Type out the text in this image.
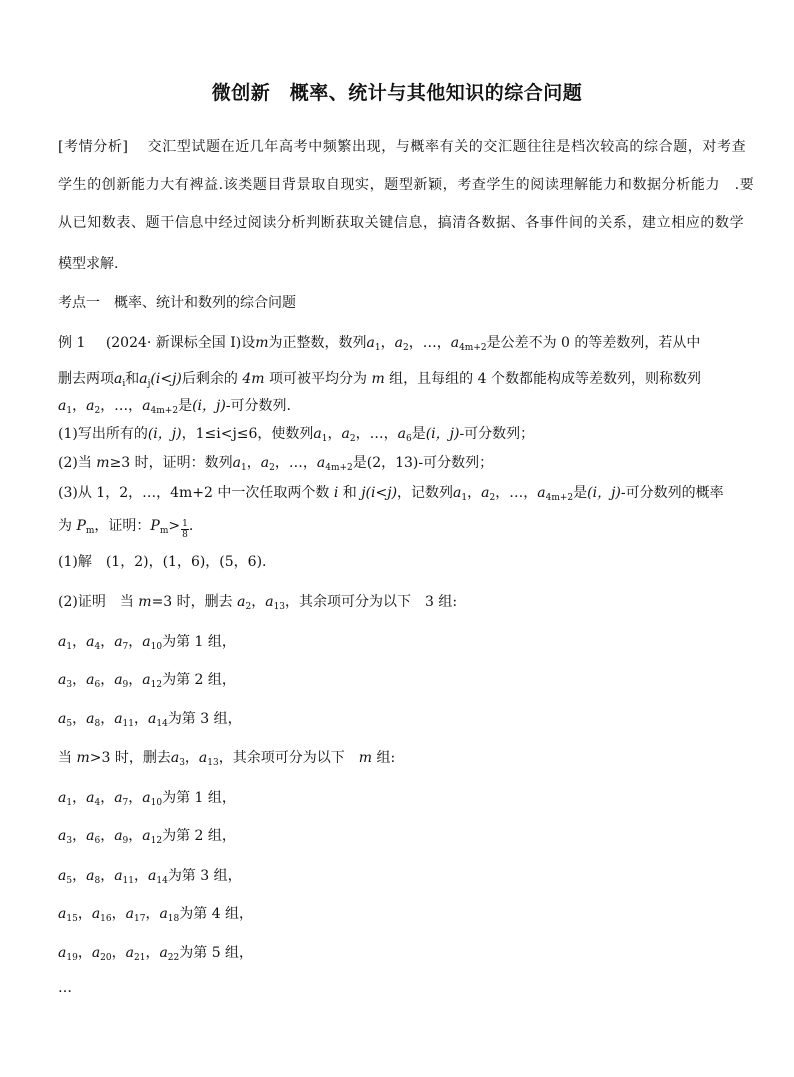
微创新　概率、统计与其他知识的综合问题
[考情分析] 交汇型试题在近几年高考中频繁出现，与概率有关的交汇题往往是档次较高的综合题，对考查
学生的创新能力大有裨益.该类题目背景取自现实，题型新颖，考查学生的阅读理解能力和数据分析能力　.要
从已知数表、题干信息中经过阅读分析判断获取关键信息，搞清各数据、各事件间的关系，建立相应的数学
模型求解.
考点一　概率、统计和数列的综合问题
例 1 (2024· 新课标全国 Ⅰ)设m为正整数，数列$a_1$，$a_2$，…，$a_{4m+2}$是公差不为 0 的等差数列，若从中
删去两项$a_i$和$a_j(i<j)$后剩余的 4m 项可被平均分为 m 组，且每组的 4 个数都能构成等差数列，则称数列
$a_1$，$a_2$，…，$a_{4m+2}$是(i，j)-可分数列.
(1)写出所有的(i，j)，1≤i<j≤6，使数列$a_1$，$a_2$，…，$a_6$是(i，j)-可分数列；
(2)当 m≥3 时，证明：数列$a_1$，$a_2$，…，$a_{4m+2}$是(2，13)-可分数列；
(3)从 1，2，…，4m+2 中一次任取两个数 i 和 j(i<j)，记数列$a_1$，$a_2$，…，$a_{4m+2}$是(i，j)-可分数列的概率
为 $P_m$，证明：$P_m> \frac{1}{8}$ .
(1)解　(1，2)，(1，6)，(5，6).
(2)证明　当 m=3 时，删去 $a_2$，$a_{13}$，其余项可分为以下　3 组:
$a_1$，$a_4$，$a_7$，$a_{10}$为第 1 组，
$a_3$，$a_6$，$a_9$，$a_{12}$为第 2 组，
$a_5$，$a_8$，$a_{11}$，$a_{14}$为第 3 组，
当 m>3 时，删去$a_3$，$a_{13}$，其余项可分为以下　 m 组:
$a_1$，$a_4$，$a_7$，$a_{10}$为第 1 组，
$a_3$，$a_6$，$a_9$，$a_{12}$为第 2 组，
$a_5$，$a_8$，$a_{11}$，$a_{14}$为第 3 组，
$a_{15}$，$a_{16}$，$a_{17}$，$a_{18}$为第 4 组，
$a_{19}$，$a_{20}$，$a_{21}$，$a_{22}$为第 5 组，
…
